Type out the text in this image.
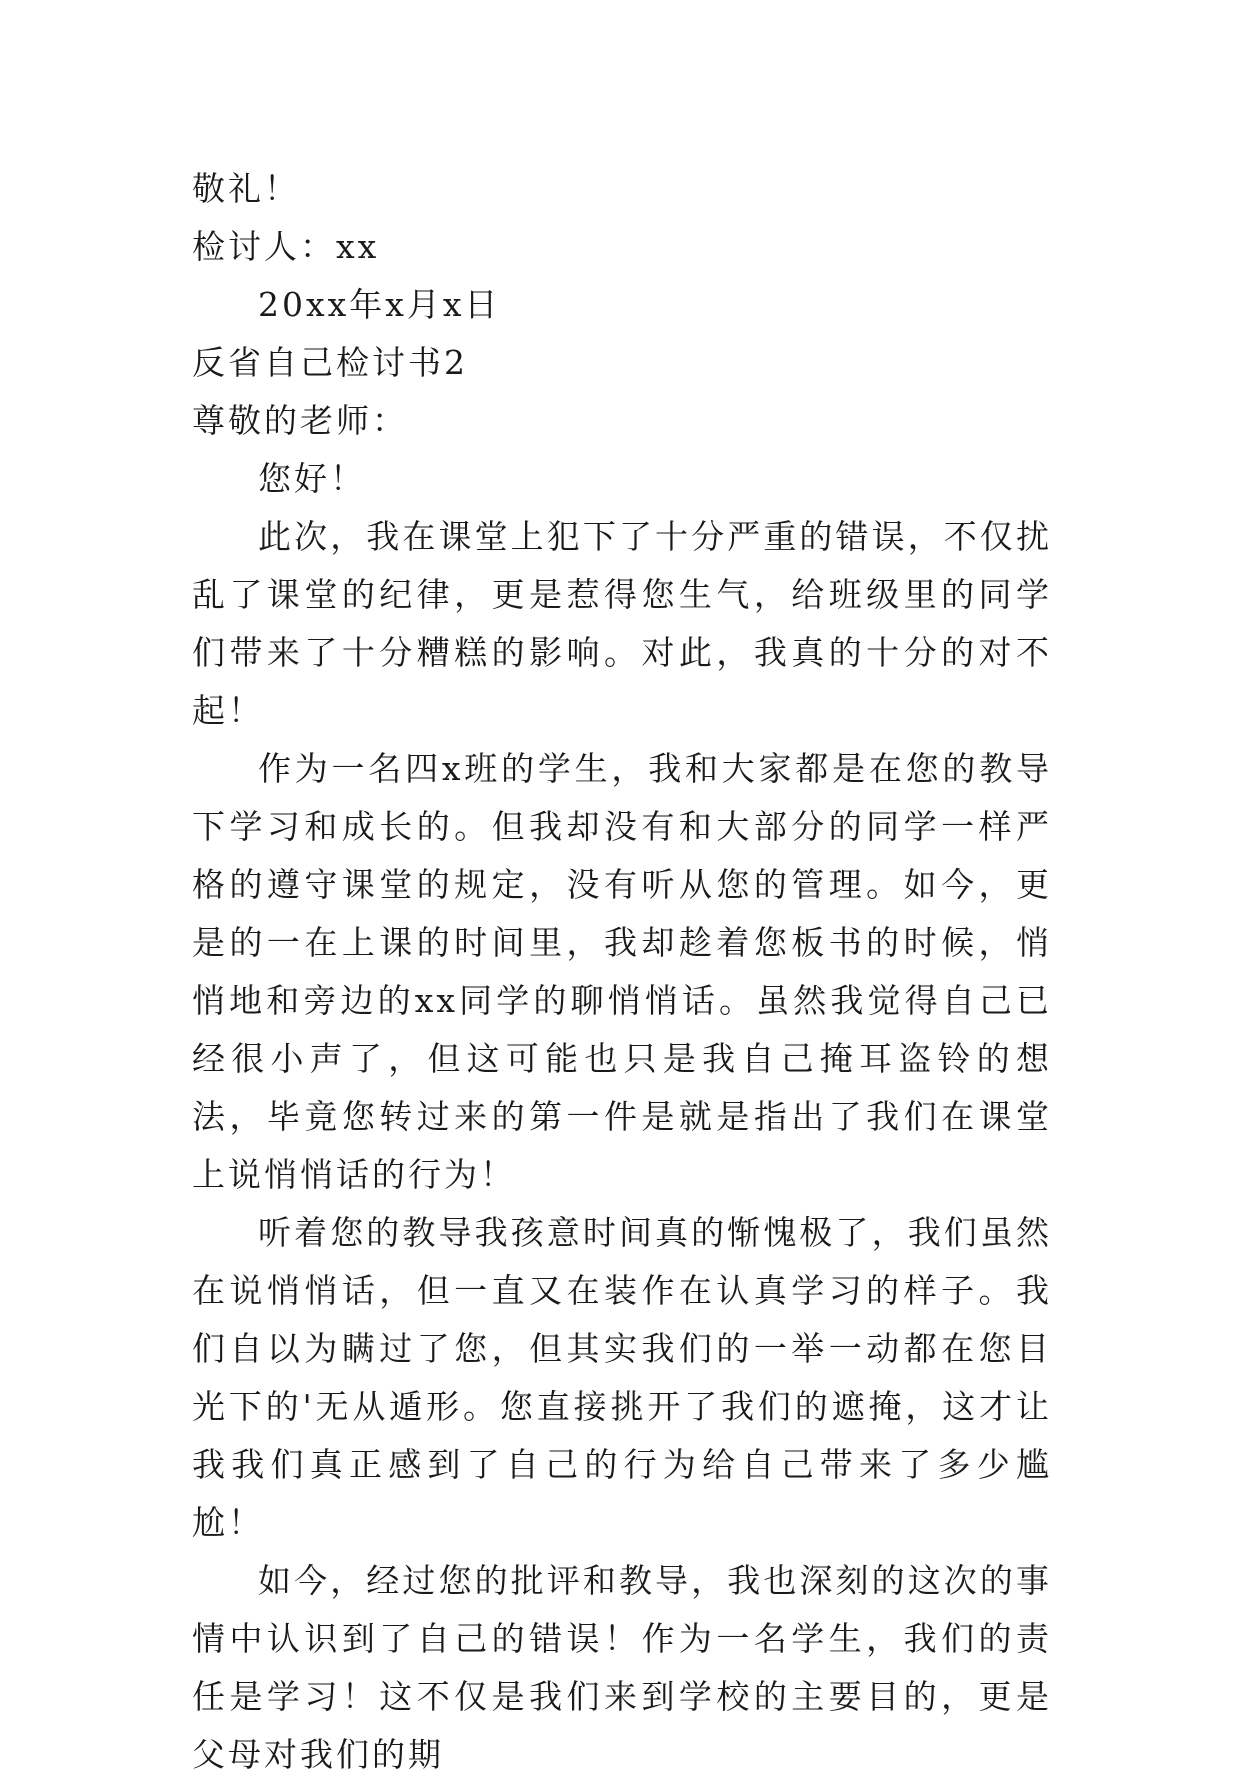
敬礼！

检讨人：xx

20xx年x月x日

反省自己检讨书2

尊敬的老师：

您好！

此次，我在课堂上犯下了十分严重的错误，不仅扰乱了课堂的纪律，更是惹得您生气，给班级里的同学们带来了十分糟糕的影响。对此，我真的十分的对不起！

作为一名四x班的学生，我和大家都是在您的教导下学习和成长的。但我却没有和大部分的同学一样严格的遵守课堂的规定，没有听从您的管理。如今，更是的一在上课的时间里，我却趁着您板书的时候，悄悄地和旁边的xx同学的聊悄悄话。虽然我觉得自己已经很小声了，但这可能也只是我自己掩耳盗铃的想法，毕竟您转过来的第一件是就是指出了我们在课堂上说悄悄话的行为！

听着您的教导我孩意时间真的惭愧极了，我们虽然在说悄悄话，但一直又在装作在认真学习的样子。我们自以为瞒过了您，但其实我们的一举一动都在您目光下的'无从遁形。您直接挑开了我们的遮掩，这才让我我们真正感到了自己的行为给自己带来了多少尴尬！

如今，经过您的批评和教导，我也深刻的这次的事情中认识到了自己的错误！作为一名学生，我们的责任是学习！这不仅是我们来到学校的主要目的，更是父母对我们的期
